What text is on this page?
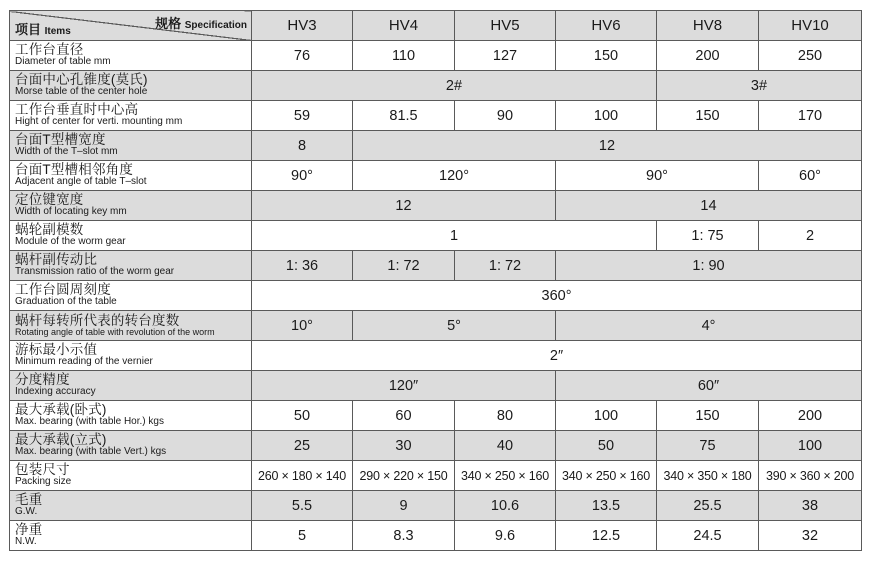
规格 Specification
项目 Items	HV3	HV4	HV5	HV6	HV8	HV10

工作台直径
Diameter of table mm	76	110	127	150	200	250

台面中心孔锥度(莫氏)
Morse table of the center hole	2#				3#	

工作台垂直时中心高
Hight of center for verti. mounting mm	59	81.5	90	100	150	170

台面T型槽宽度
Width of the T–slot mm	8	12				

台面T型槽相邻角度
Adjacent angle of table T–slot	90°	120°		90°		60°

定位键宽度
Width of locating key mm	12			14		

蜗轮副模数
Module of the worm gear	1				1: 75	2

蜗杆副传动比
Transmission ratio of the worm gear	1: 36	1: 72	1: 72	1: 90		

工作台圆周刻度
Graduation of the table	360°					

蜗杆每转所代表的转台度数
Rotating angle of table with revolution of the worm	10°	5°		4°		

游标最小示值
Minimum reading of the vernier	2″					

分度精度
Indexing accuracy	120″			60″		

最大承载(卧式)
Max. bearing (with table Hor.) kgs	50	60	80	100	150	200

最大承载(立式)
Max. bearing (with table Vert.) kgs	25	30	40	50	75	100

包装尺寸
Packing size	260 × 180 × 140	290 × 220 × 150	340 × 250 × 160	340 × 250 × 160	340 × 350 × 180	390 × 360 × 200

毛重
G.W.	5.5	9	10.6	13.5	25.5	38

净重
N.W.	5	8.3	9.6	12.5	24.5	32
